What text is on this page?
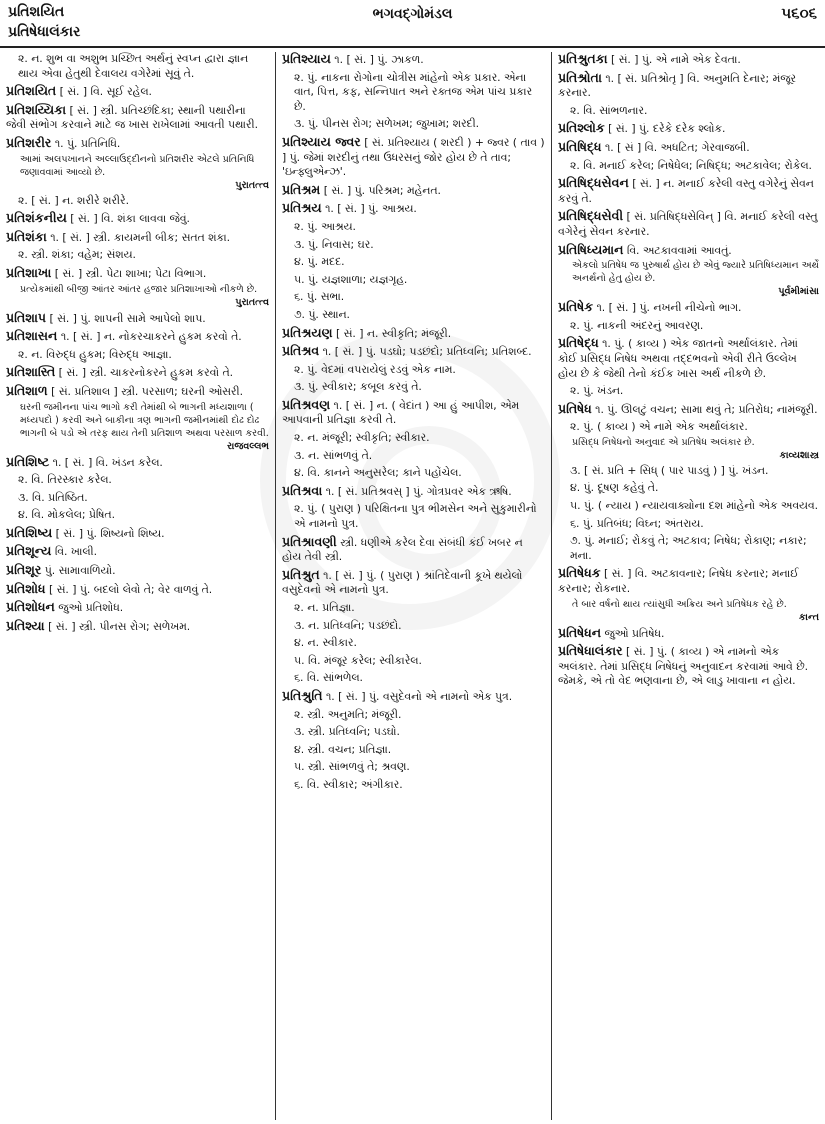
પ્રતિશયિત
પ્રતિષેધાલંકાર
ભગવદ્ગોમંડલ	૫૬૦૬

૨. ન. શુભ વા અશુભ પ્રચ્છિત અર્થનું સ્વપ્ન દ્વારા જ્ઞાન થાય એવા હેતુથી દેવાલય વગેરેમાં સૂવું તે.

પ્રતિશયિત [ સં. ] વિ. સૂઈ રહેલ.

પ્રતિશય્યિકા [ સં. ] સ્ત્રી. પ્રતિચ્છંદિકા; સ્થાની પથારીના જેવી સંભોગ કરવાને માટે જ ખાસ રાખેલામાં આવતી પથારી.

પ્રતિશરીર ૧. પું. પ્રતિનિધિ.

આમાં અલપખાનને અલ્લાઉદ્દીનનો પ્રતિશરીર એટલે પ્રતિનિધિ જણાવવામાં આવ્યો છે.

પુરાતત્ત્વ

૨. [ સં. ] ન. શરીરે શરીરે.

પ્રતિશંકનીય [ સં. ] વિ. શંકા લાવવા જેવું.

પ્રતિશંકા ૧. [ સં. ] સ્ત્રી. કાયમની બીક; સતત શંકા.

૨. સ્ત્રી. શંકા; વહેમ; સંશય.

પ્રતિશાખા [ સં. ] સ્ત્રી. પેટા શાખા; પેટા વિભાગ.

પ્રત્યેકમાંથી બીજી આંતર આંતર હજાર પ્રતિશાખાઓ નીકળે છે.

પુરાતત્ત્વ

પ્રતિશાપ [ સં. ] પું. શાપની સામે આપેલો શાપ.

પ્રતિશાસન ૧. [ સં. ] ન. નોકરચાકરને હુકમ કરવો તે.

૨. ન. વિરુદ્ધ હુકમ; વિરુદ્ધ આજ્ઞા.

પ્રતિશાસ્તિ [ સં. ] સ્ત્રી. ચાકરનોકરને હુકમ કરવો તે.

પ્રતિશાળ [ સં. પ્રતિશાલ ] સ્ત્રી. પરસાળ; ઘરની ઓસરી.

ઘરની જમીનના પાંચ ભાગો કરી તેમાંથી બે ભાગની મધ્યશાળા ( મધ્યપદો ) કરવી અને બાકીના ત્રણ ભાગની જમીનમાંથી દોઢ દોઢ ભાગની બે પડો એ તરફ થાય તેની પ્રતિશાળ અથવા પરસાળ કરવી.

રાજવલ્લભ

પ્રતિશિષ્ટ ૧. [ સં. ] વિ. ખંડન કરેલ.

૨. વિ. તિરસ્કાર કરેલ.

૩. વિ. પ્રતિષ્ઠિત.

૪. વિ. મોકલેલ; પ્રેષિત.

પ્રતિશિષ્ય [ સં. ] પું. શિષ્યનો શિષ્ય.

પ્રતિશૂન્ય વિ. ખાલી.

પ્રતિશૂર પું. સામાવાળિયો.

પ્રતિશોધ [ સં. ] પું. બદલો લેવો તે; વેર વાળવું તે.

પ્રતિશોધન જુઓ પ્રતિશોધ.

પ્રતિશ્યા [ સં. ] સ્ત્રી. પીનસ રોગ; સળેખમ.

પ્રતિશ્યાય ૧. [ સં. ] પું. ઝાકળ.

૨. પું. નાકના રોગોના ચોત્રીસ માંહેનો એક પ્રકાર. એના વાત, પિત્ત, કફ, સન્નિપાત અને રક્તજ એમ પાંચ પ્રકાર છે.

૩. પું. પીનસ રોગ; સળેખમ; જુખામ; શરદી.

પ્રતિશ્યાય જ્વર [ સં. પ્રતિશ્યાય ( શરદી ) + જ્વર ( તાવ ) ] પું. જેમાં શરદીનું તથા ઉધરસનું જોર હોય છે તે તાવ; 'ઇન્ફ્લુએન્ઝ'.

પ્રતિશ્રમ [ સં. ] પું. પરિશ્રમ; મહેનત.

પ્રતિશ્રય ૧. [ સં. ] પું. આશ્રય.

૨. પું. આશ્રય.

૩. પું. નિવાસ; ઘર.

૪. પું. મદદ.

૫. પું. યજ્ઞશાળા; યજ્ઞગૃહ.

૬. પું. સભા.

૭. પું. સ્થાન.

પ્રતિશ્રયણ [ સં. ] ન. સ્વીકૃતિ; મંજૂરી.

પ્રતિશ્રવ ૧. [ સં. ] પું. પડઘો; પડછંદો; પ્રતિધ્વનિ; પ્રતિશબ્દ.

૨. પું. વેદમાં વપરાયેલું રડવું એક નામ.

૩. પું. સ્વીકાર; કબૂલ કરવું તે.

પ્રતિશ્રવણ ૧. [ સં. ] ન. ( વેદાંત ) આ હું આપીશ, એમ આપવાની પ્રતિજ્ઞા કરવી તે.

૨. ન. મંજૂરી; સ્વીકૃતિ; સ્વીકાર.

૩. ન. સાંભળવું તે.

૪. વિ. કાનને અનુસરેલ; કાને પહોંચેલ.

પ્રતિશ્રવા ૧. [ સં. પ્રતિશ્રવસ્ ] પું. ગોત્રપ્રવર એક ઋષિ.

૨. પું. ( પુરાણ ) પરિક્ષિતના પુત્ર ભીમસેન અને સુકુમારીનો એ નામનો પુત્ર.

પ્રતિશ્રાવણી સ્ત્રી. ધણીએ કરેલ દેવા સંબંધી કંઈ ખબર ન હોય તેવી સ્ત્રી.

પ્રતિશ્રુત ૧. [ સં. ] પું. ( પુરાણ ) શ્રાંતિદેવાની કૂખે થયેલો વસુદેવનો એ નામનો પુત્ર.

૨. ન. પ્રતિજ્ઞા.

૩. ન. પ્રતિધ્વનિ; પડછંદો.

૪. ન. સ્વીકાર.

૫. વિ. મંજૂર કરેલ; સ્વીકારેલ.

૬. વિ. સાંભળેલ.

પ્રતિશ્રુતિ ૧. [ સં. ] પું. વસુદેવનો એ નામનો એક પુત્ર.

૨. સ્ત્રી. અનુમતિ; મંજૂરી.

૩. સ્ત્રી. પ્રતિધ્વનિ; પડઘો.

૪. સ્ત્રી. વચન; પ્રતિજ્ઞા.

૫. સ્ત્રી. સાંભળવું તે; શ્રવણ.

૬. વિ. સ્વીકાર; અંગીકાર.

પ્રતિશ્રુતકા [ સં. ] પું. એ નામે એક દેવતા.

પ્રતિશ્રોતા ૧. [ સં. પ્રતિશ્રોતૃ ] વિ. અનુમતિ દેનાર; મંજૂર કરનાર.

૨. વિ. સાંભળનાર.

પ્રતિશ્લોક [ સં. ] પું. દરેકે દરેક શ્લોક.

પ્રતિષિદ્ધ ૧. [ સં ] વિ. અધટિત; ગેરવાજબી.

૨. વિ. મનાઈ કરેલ; નિષેધેલ; નિષિદ્ધ; અટકાવેલ; રોકેલ.

પ્રતિષિદ્ધસેવન [ સં. ] ન. મનાઈ કરેલી વસ્તુ વગેરેનું સેવન કરવું તે.

પ્રતિષિદ્ધસેવી [ સં. પ્રતિષિદ્ધસેવિન્ ] વિ. મનાઈ કરેલી વસ્તુ વગેરેનું સેવન કરનાર.

પ્રતિષિધ્યમાન વિ. અટકાવવામાં આવતું.

એકલો પ્રતિષેધ જ પુરુષાર્થ હોય છે એવું જ્યારે પ્રતિષિધ્યમાન અર્થે અનર્થનો હેતુ હોય છે.

પૂર્વમીમાંસા

પ્રતિષેક ૧. [ સં. ] પું. નખની નીચેનો ભાગ.

૨. પું. નાકની અંદરનું આવરણ.

પ્રતિષેદ્ધ ૧. પું. ( કાવ્ય ) એક જાતનો અર્થાલંકાર. તેમાં કોઈ પ્રસિદ્ધ નિષેધ અથવા તદ્દભવનો એવી રીતે ઉલ્લેખ હોય છે કે જેથી તેનો કંઈક ખાસ અર્થ નીકળે છે.

૨. પું. ખંડન.

પ્રતિષેધ ૧. પું. ઊલટું વચન; સામા થવું તે; પ્રતિરોધ; નામંજૂરી.

૨. પું. ( કાવ્ય ) એ નામે એક અર્થાલંકાર.

પ્રસિદ્ધ નિષેધનો અનુવાદ એ પ્રતિષેધ અલંકાર છે.

કાવ્યશાસ્ત્ર

૩. [ સં. પ્રતિ + સિધ્ ( પાર પાડવું ) ] પું. ખંડન.

૪. પું. દૂષણ કહેવું તે.

૫. પું. ( ન્યાય ) ન્યાયવાક્યોના દશ માંહેનો એક અવયવ.

૬. પું. પ્રતિબંધ; વિઘ્ન; અંતરાય.

૭. પું. મનાઈ; રોકવું તે; અટકાવ; નિષેધ; રોકાણ; નકાર; મના.

પ્રતિષેધક [ સં. ] વિ. અટકાવનાર; નિષેધ કરનાર; મનાઈ કરનાર; રોકનાર.

તે બાર વર્ષનો થાય ત્યાંસુધી અક્રિય અને પ્રતિષેધક રહે છે.

કાન્ત

પ્રતિષેધન જુઓ પ્રતિષેધ.

પ્રતિષેધાલંકાર [ સં. ] પું. ( કાવ્ય ) એ નામનો એક અલંકાર. તેમાં પ્રસિદ્ધ નિષેધનું અનુવાદન કરવામાં આવે છે. જેમકે, એ તો વેદ ભણવાના છે, એ લાડુ ખાવાના ન હોય.
